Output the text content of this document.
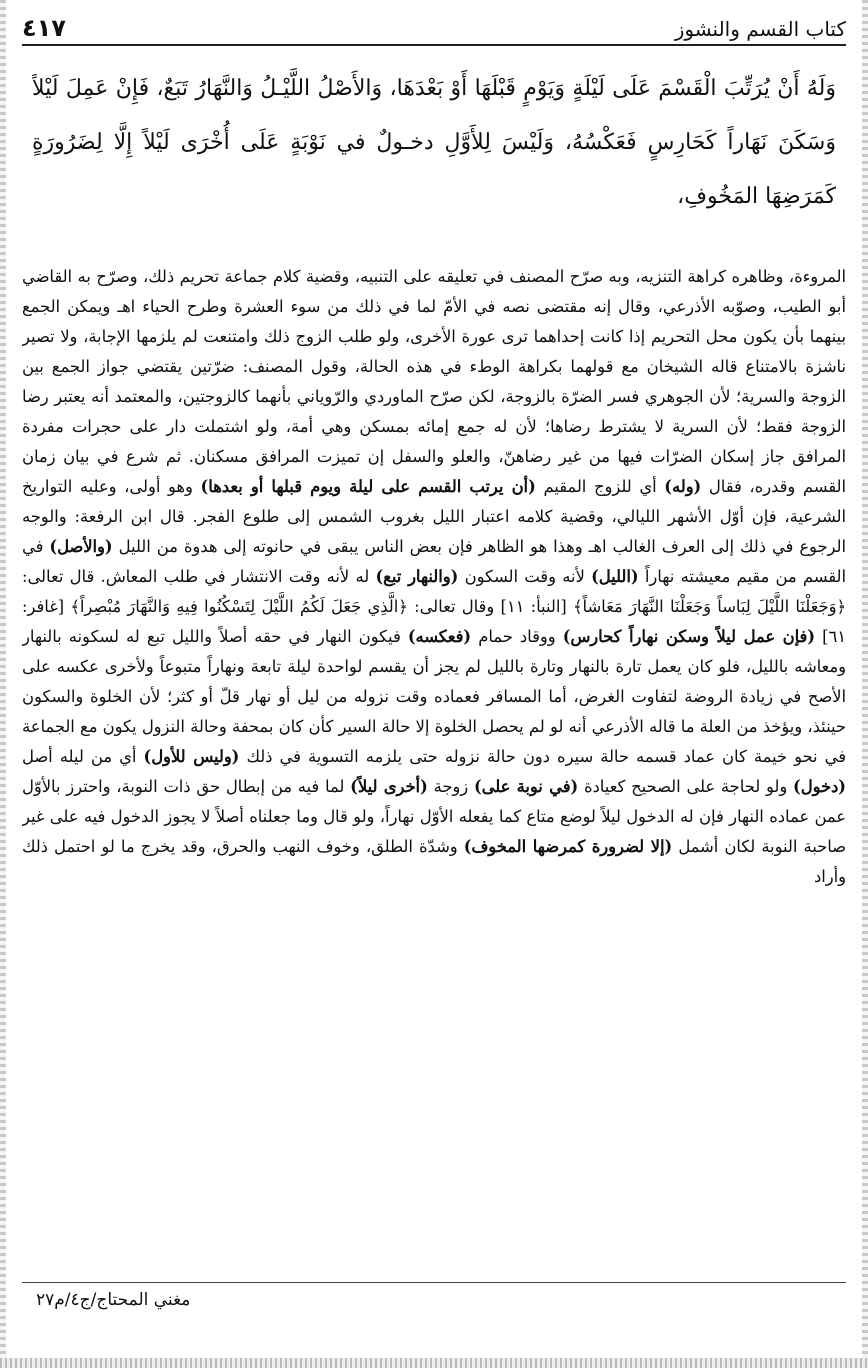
كتاب القسم والنشوز
٤١٧

وَلَهُ أَنْ يُرَتِّبَ الْقَسْمَ عَلَى لَيْلَةٍ وَيَوْمٍ قَبْلَهَا أَوْ بَعْدَهَا، وَالأَصْلُ اللَّيْـلُ وَالنَّهَارُ تَبَعٌ، فَإِنْ عَمِلَ لَيْلاً وَسَكَنَ نَهَاراً كَحَارِسٍ فَعَكْسُهُ، وَلَيْسَ لِلأَوَّلِ دخـولٌ في نَوْبَةٍ عَلَى أُخْرَى لَيْلاً إِلَّا لِضَرُورَةٍ كَمَرَضِهَا المَخُوفِ،

المروءة، وظاهره كراهة التنزيه، وبه صرّح المصنف في تعليقه على التنبيه، وقضية كلام جماعة تحريم ذلك، وصرّح به القاضي أبو الطيب، وصوّبه الأذرعي، وقال إنه مقتضى نصه في الأمّ لما في ذلك من سوء العشرة وطرح الحياء اهـ ويمكن الجمع بينهما بأن يكون محل التحريم إذا كانت إحداهما ترى عورة الأخرى، ولو طلب الزوج ذلك وامتنعت لم يلزمها الإجابة، ولا تصير ناشزة بالامتناع قاله الشيخان مع قولهما بكراهة الوطء في هذه الحالة، وقول المصنف: ضرّتين يقتضي جواز الجمع بين الزوجة والسرية؛ لأن الجوهري فسر الضرّة بالزوجة، لكن صرّح الماوردي والرّوياني بأنهما كالزوجتين، والمعتمد أنه يعتبر رضا الزوجة فقط؛ لأن السرية لا يشترط رضاها؛ لأن له جمع إمائه بمسكن وهي أمة، ولو اشتملت دار على حجرات مفردة المرافق جاز إسكان الضرّات فيها من غير رضاهنّ، والعلو والسفل إن تميزت المرافق مسكنان. ثم شرع في بيان زمان القسم وقدره، فقال (وله) أي للزوج المقيم (أن يرتب القسم على ليلة ويوم قبلها أو بعدها) وهو أولى، وعليه التواريخ الشرعية، فإن أوّل الأشهر الليالي، وقضية كلامه اعتبار الليل بغروب الشمس إلى طلوع الفجر. قال ابن الرفعة: والوجه الرجوع في ذلك إلى العرف الغالب اهـ وهذا هو الظاهر فإن بعض الناس يبقى في حانوته إلى هدوة من الليل (والأصل) في القسم من مقيم معيشته نهاراً (الليل) لأنه وقت السكون (والنهار تبع) له لأنه وقت الانتشار في طلب المعاش. قال تعالى: ﴿وَجَعَلْنَا اللَّيْلَ لِبَاساً وَجَعَلْنَا النَّهَارَ مَعَاشاً﴾ [النبأ: ١١] وقال تعالى: ﴿الَّذِي جَعَلَ لَكُمُ اللَّيْلَ لِتَسْكُنُوا فِيهِ وَالنَّهَارَ مُبْصِراً﴾ [غافر: ٦١] (فإن عمل ليلاً وسكن نهاراً كحارس) ووقاد حمام (فعكسه) فيكون النهار في حقه أصلاً والليل تبع له لسكونه بالنهار ومعاشه بالليل، فلو كان يعمل تارة بالنهار وتارة بالليل لم يجز أن يقسم لواحدة ليلة تابعة ونهاراً متبوعاً ولأخرى عكسه على الأصح في زيادة الروضة لتفاوت الغرض، أما المسافر فعماده وقت نزوله من ليل أو نهار قلّ أو كثر؛ لأن الخلوة والسكون حينئذ، ويؤخذ من العلة ما قاله الأذرعي أنه لو لم يحصل الخلوة إلا حالة السير كأن كان بمحفة وحالة النزول يكون مع الجماعة في نحو خيمة كان عماد قسمه حالة سيره دون حالة نزوله حتى يلزمه التسوية في ذلك (وليس للأول) أي من ليله أصل (دخول) ولو لحاجة على الصحيح كعيادة (في نوبة على) زوجة (أخرى ليلاً) لما فيه من إبطال حق ذات النوبة، واحترز بالأوّل عمن عماده النهار فإن له الدخول ليلاً لوضع متاع كما يفعله الأوّل نهاراً، ولو قال وما جعلناه أصلاً لا يجوز الدخول فيه على غير صاحبة النوبة لكان أشمل (إلا لضرورة كمرضها المخوف) وشدّة الطلق، وخوف النهب والحرق، وقد يخرج ما لو احتمل ذلك وأراد

مغني المحتاج/ج٤/م٢٧
